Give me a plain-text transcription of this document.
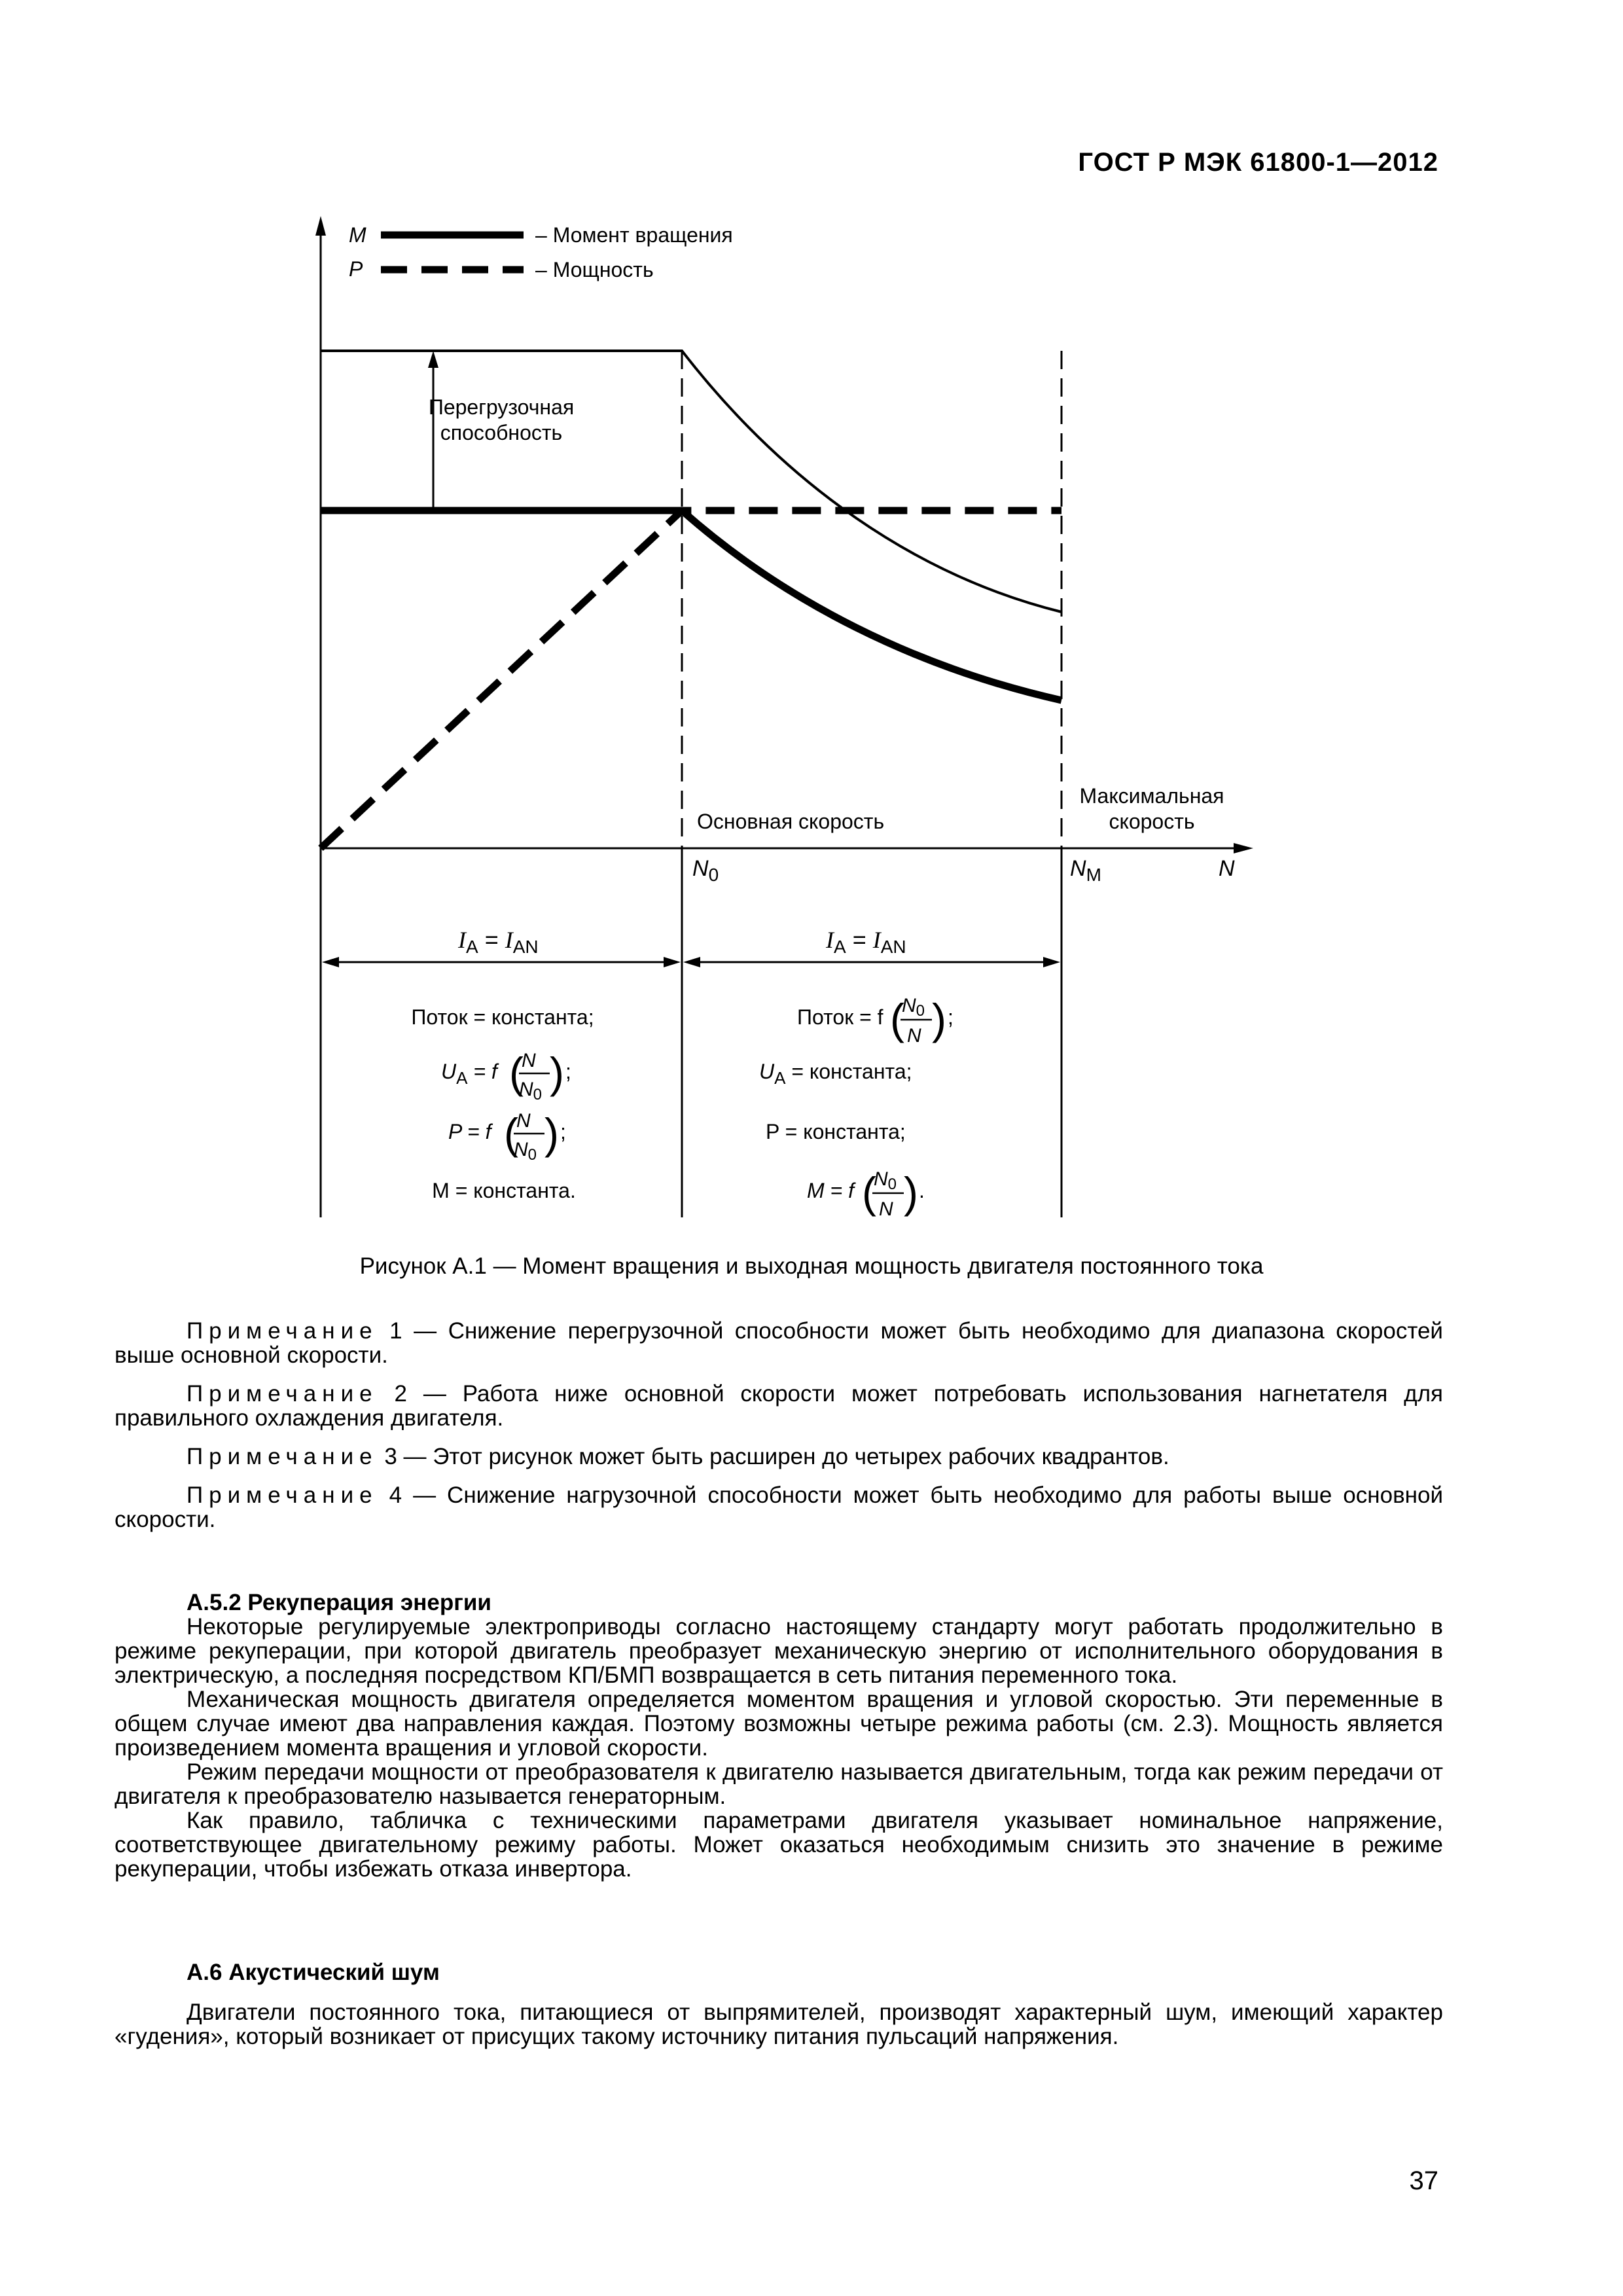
ГОСТ Р МЭК 61800-1—2012
M	– Момент вращения
P	– Мощность
Перегрузочная
способность
Основная скорость
Максимальная
скорость
$N_0$	$N_M$	N
$I_A = I_{AN}$	$I_A = I_{AN}$
Поток = константа;
$U_A = f$ (
N
$N_0$ ) ;
P = f (
N
$N_0$ ) ;
M = константа.
Поток = f (
$N_0$
N ) ;
$U_A$ = константа;
P = константа;
M = f (
$N_0$
N ) .
Рисунок А.1 — Момент вращения и выходная мощность двигателя постоянного тока

Примечание 1 — Снижение перегрузочной способности может быть необходимо для диапазона скоростей выше основной скорости.

Примечание 2 — Работа ниже основной скорости может потребовать использования нагнетателя для правильного охлаждения двигателя.

Примечание 3 — Этот рисунок может быть расширен до четырех рабочих квадрантов.

Примечание 4 — Снижение нагрузочной способности может быть необходимо для работы выше основной скорости.

А.5.2 Рекуперация энергии

Некоторые регулируемые электроприводы согласно настоящему стандарту могут работать продолжительно в режиме рекуперации, при которой двигатель преобразует механическую энергию от исполнительного оборудования в электрическую, а последняя посредством КП/БМП возвращается в сеть питания переменного тока.

Механическая мощность двигателя определяется моментом вращения и угловой скоростью. Эти переменные в общем случае имеют два направления каждая. Поэтому возможны четыре режима работы (см. 2.3). Мощность является произведением момента вращения и угловой скорости.

Режим передачи мощности от преобразователя к двигателю называется двигательным, тогда как режим передачи от двигателя к преобразователю называется генераторным.

Как правило, табличка с техническими параметрами двигателя указывает номинальное напряжение, соответствующее двигательному режиму работы. Может оказаться необходимым снизить это значение в режиме рекуперации, чтобы избежать отказа инвертора.

А.6 Акустический шум

Двигатели постоянного тока, питающиеся от выпрямителей, производят характерный шум, имеющий характер «гудения», который возникает от присущих такому источнику питания пульсаций напряжения.

37
